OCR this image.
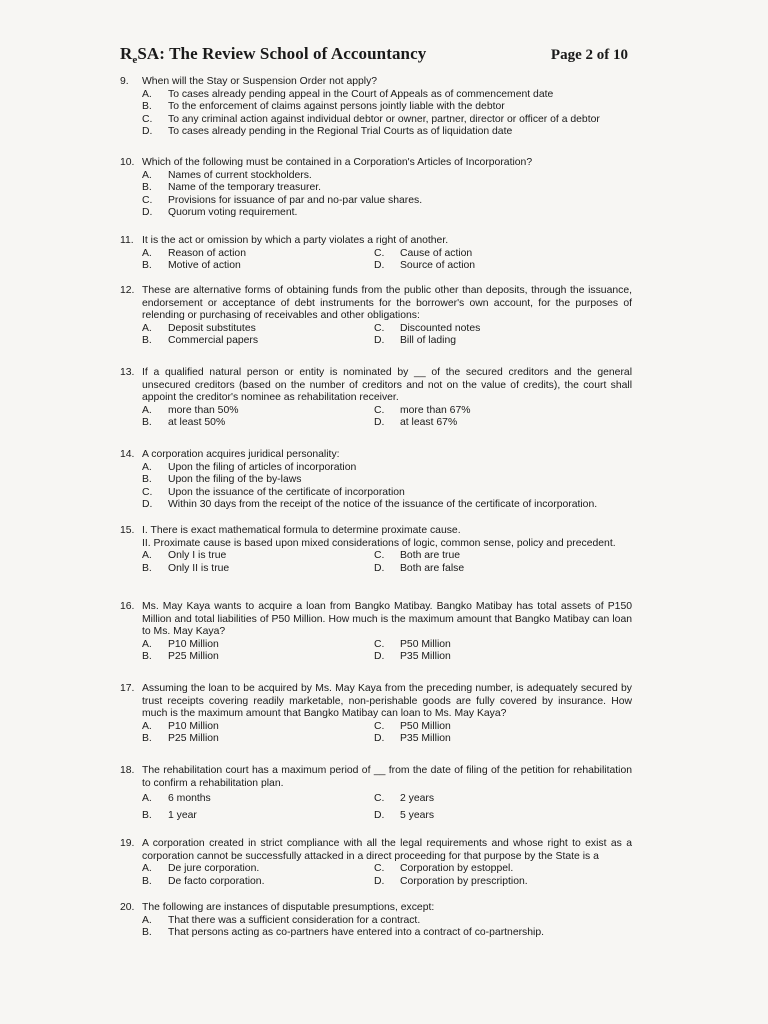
$R_eSA$: The Review School of Accountancy	Page 2 of 10
9.	When will the Stay or Suspension Order not apply?
A.	To cases already pending appeal in the Court of Appeals as of commencement date
B.	To the enforcement of claims against persons jointly liable with the debtor
C.	To any criminal action against individual debtor or owner, partner, director or officer of a debtor
D.	To cases already pending in the Regional Trial Courts as of liquidation date
10. Which of the following must be contained in a Corporation's Articles of Incorporation?
A.	Names of current stockholders.
B.	Name of the temporary treasurer.
C.	Provisions for issuance of par and no-par value shares.
D.	Quorum voting requirement.
11. It is the act or omission by which a party violates a right of another.
A.	Reason of action	C.	Cause of action
B.	Motive of action	D.	Source of action
12. These are alternative forms of obtaining funds from the public other than deposits, through the issuance, endorsement or acceptance of debt instruments for the borrower's own account, for the purposes of relending or purchasing of receivables and other obligations:
A.	Deposit substitutes	C.	Discounted notes
B.	Commercial papers	D.	Bill of lading
13. If a qualified natural person or entity is nominated by __ of the secured creditors and the general unsecured creditors (based on the number of creditors and not on the value of credits), the court shall appoint the creditor's nominee as rehabilitation receiver.
A.	more than 50%	C.	more than 67%
B.	at least 50%	D.	at least 67%
14. A corporation acquires juridical personality:
A.	Upon the filing of articles of incorporation
B.	Upon the filing of the by-laws
C.	Upon the issuance of the certificate of incorporation
D.	Within 30 days from the receipt of the notice of the issuance of the certificate of incorporation.
15. I. There is exact mathematical formula to determine proximate cause.
II. Proximate cause is based upon mixed considerations of logic, common sense, policy and precedent.
A.	Only I is true	C.	Both are true
B.	Only II is true	D.	Both are false
16. Ms. May Kaya wants to acquire a loan from Bangko Matibay. Bangko Matibay has total assets of P150 Million and total liabilities of P50 Million. How much is the maximum amount that Bangko Matibay can loan to Ms. May Kaya?
A.	P10 Million	C.	P50 Million
B.	P25 Million	D.	P35 Million
17. Assuming the loan to be acquired by Ms. May Kaya from the preceding number, is adequately secured by trust receipts covering readily marketable, non-perishable goods are fully covered by insurance. How much is the maximum amount that Bangko Matibay can loan to Ms. May Kaya?
A.	P10 Million	C.	P50 Million
B.	P25 Million	D.	P35 Million
18. The rehabilitation court has a maximum period of __ from the date of filing of the petition for rehabilitation to confirm a rehabilitation plan.
A.	6 months	C.	2 years
B.	1 year	D.	5 years
19. A corporation created in strict compliance with all the legal requirements and whose right to exist as a corporation cannot be successfully attacked in a direct proceeding for that purpose by the State is a
A.	De jure corporation.	C.	Corporation by estoppel.
B.	De facto corporation.	D.	Corporation by prescription.
20. The following are instances of disputable presumptions, except:
A.	That there was a sufficient consideration for a contract.
B.	That persons acting as co-partners have entered into a contract of co-partnership.
